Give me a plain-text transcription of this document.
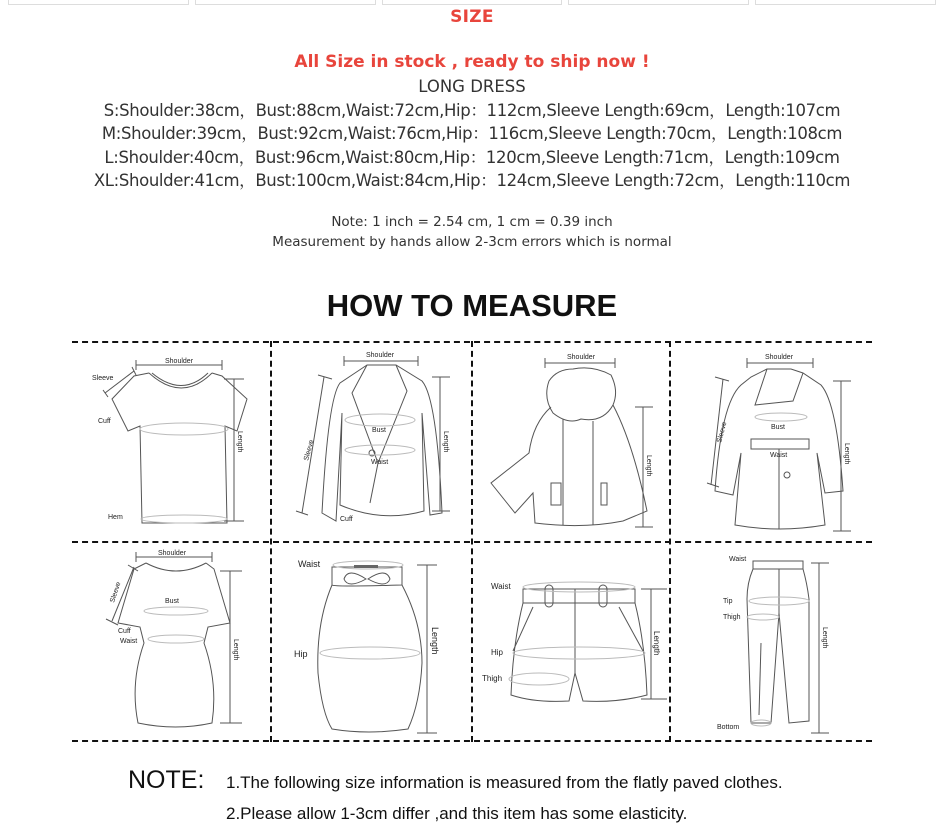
SIZE
All Size in stock , ready to ship now !
LONG DRESS
S:Shoulder:38cm，Bust:88cm,Waist:72cm,Hip：112cm,Sleeve Length:69cm，Length:107cm
M:Shoulder:39cm，Bust:92cm,Waist:76cm,Hip：116cm,Sleeve Length:70cm，Length:108cm
L:Shoulder:40cm，Bust:96cm,Waist:80cm,Hip：120cm,Sleeve Length:71cm，Length:109cm
XL:Shoulder:41cm，Bust:100cm,Waist:84cm,Hip：124cm,Sleeve Length:72cm，Length:110cm
Note: 1 inch = 2.54 cm, 1 cm = 0.39 inch
Measurement by hands allow 2-3cm errors which is normal
HOW TO MEASURE
Shoulder
Sleeve
Cuff
Hem
Length
Shoulder
Sleeve
Bust
Waist
Cuff
Length
Shoulder
Length
Shoulder
Sleeve	Bust
Waist	Length
Shoulder
Sleeve	Bust
Cuff
Waist	Length
Waist
Hip	Length
Waist
Hip
Thigh
Length
Waist
Tip
Thigh
Bottom
Length
NOTE: 1.The following size information is measured from the flatly paved clothes.
2.Please allow 1-3cm differ ,and this item has some elasticity.
